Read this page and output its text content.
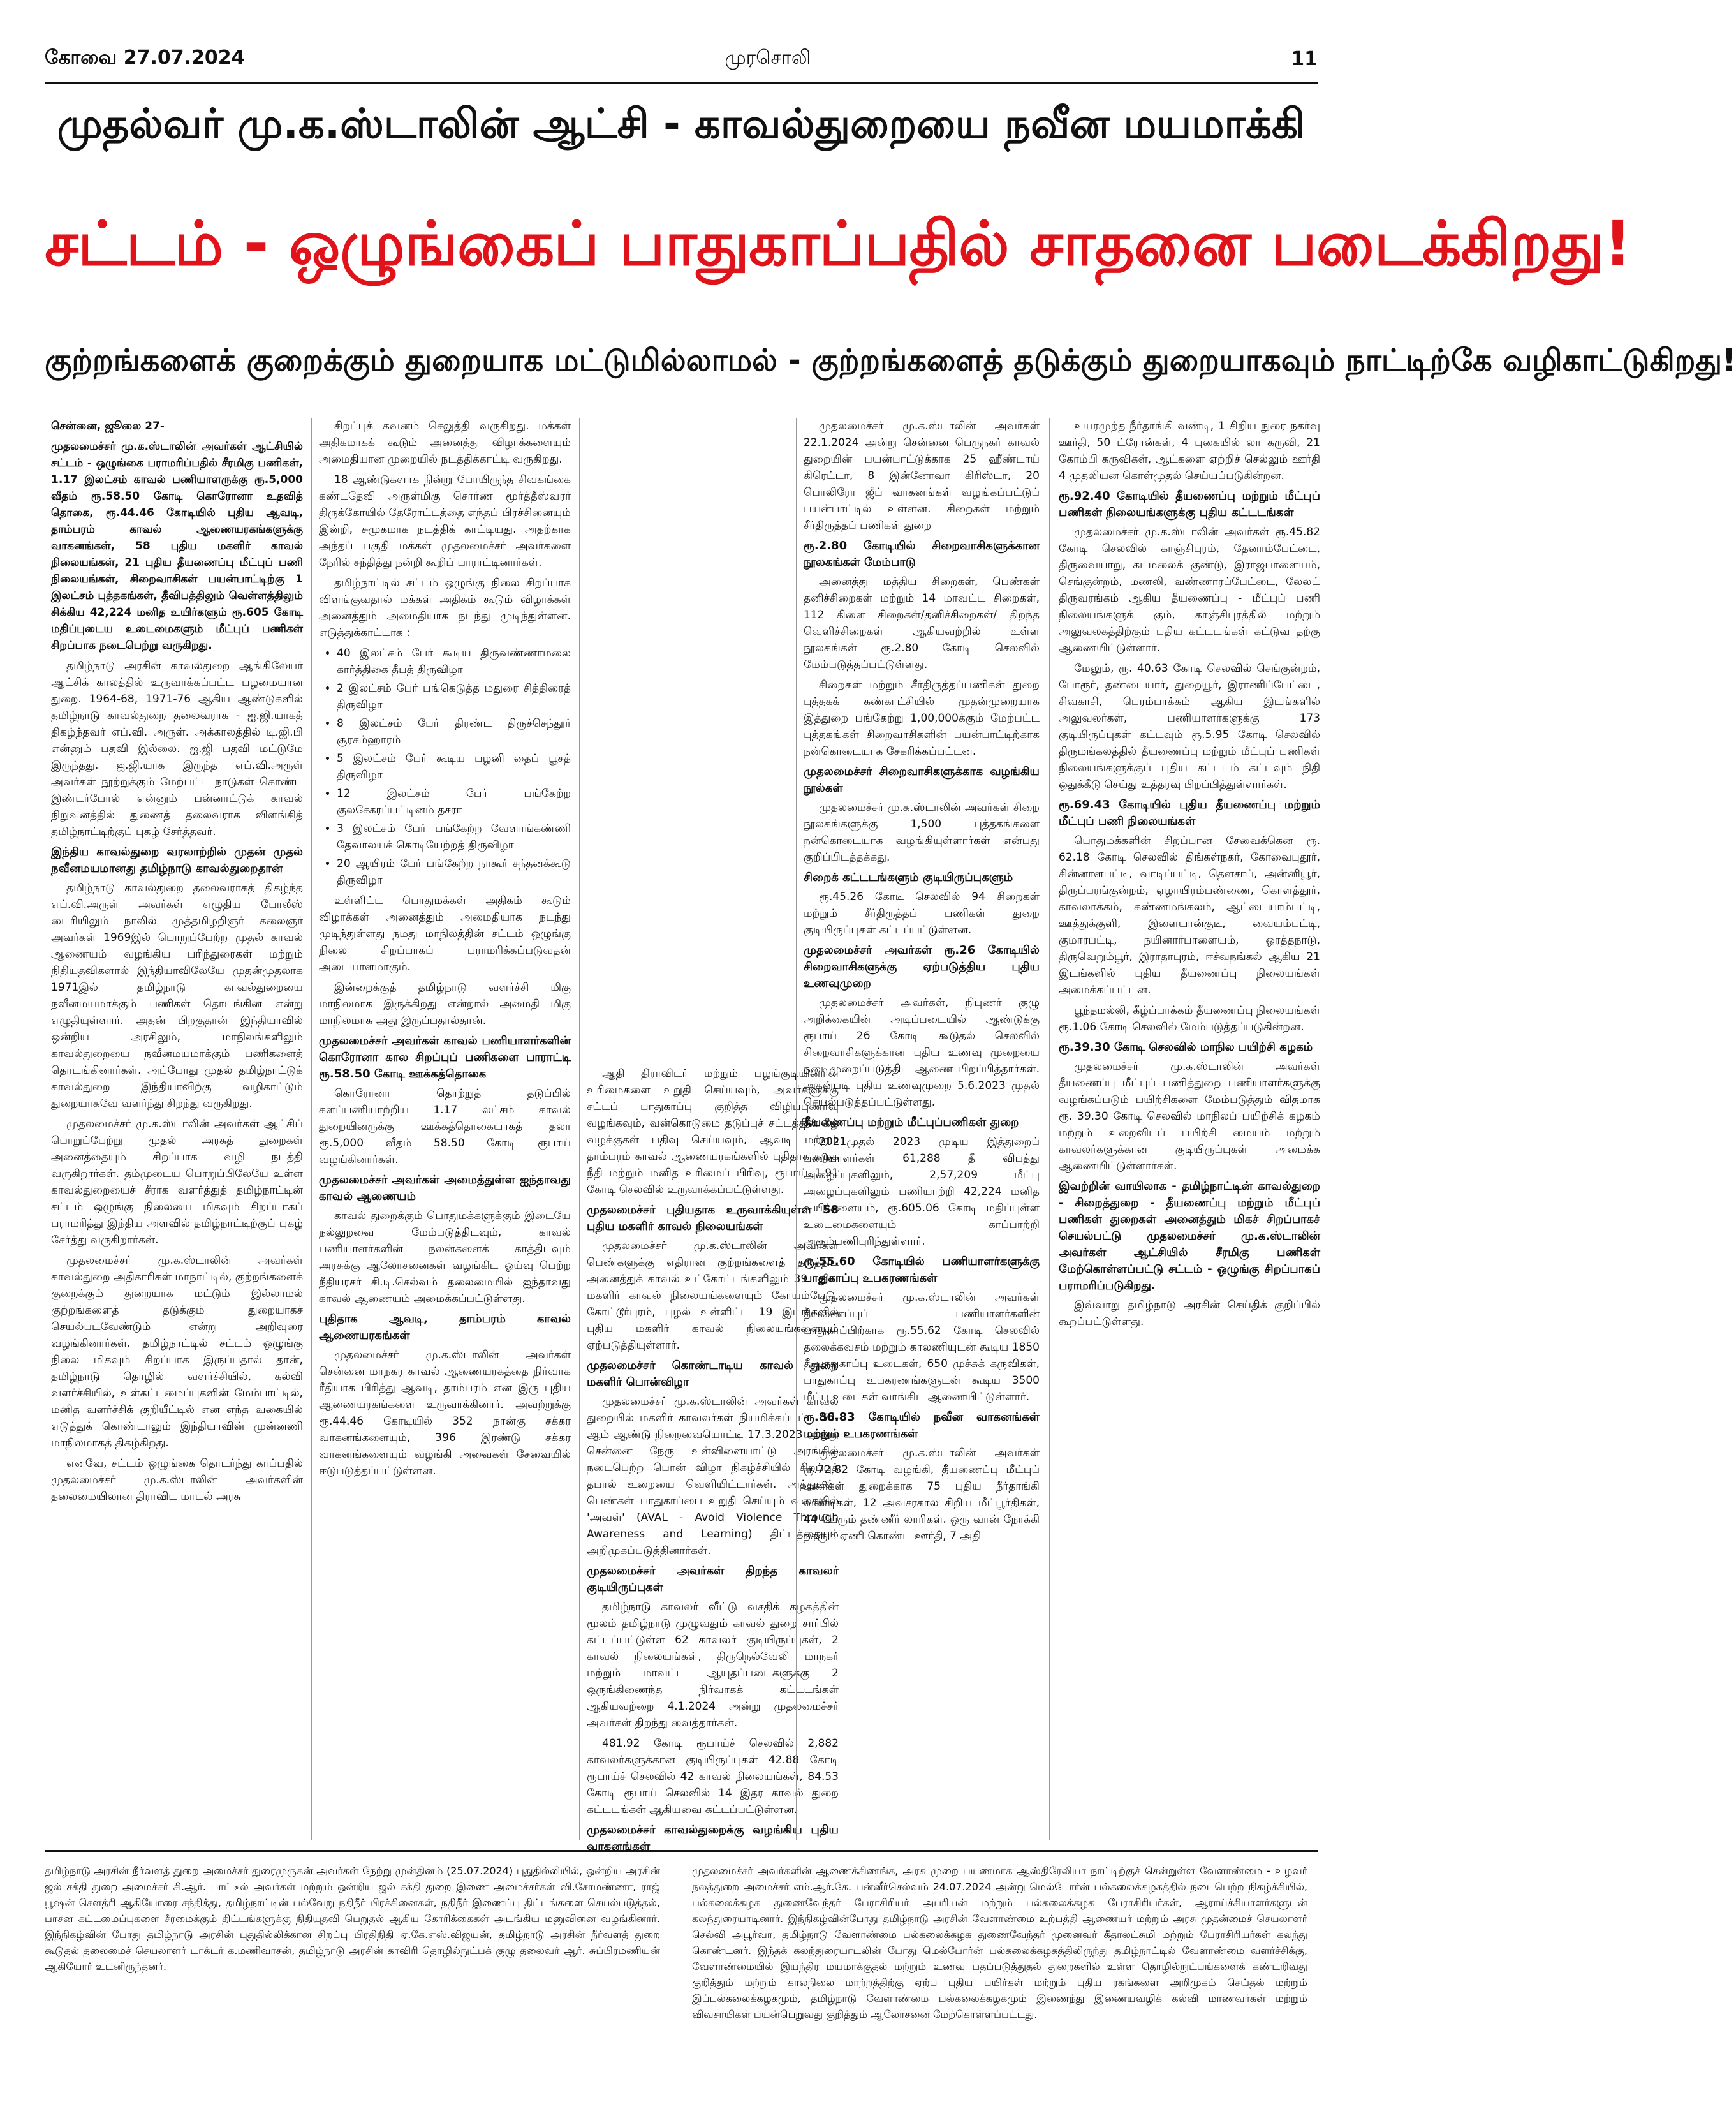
கோவை 27.07.2024	முரசொலி	11
முதல்வர் மு.க.ஸ்டாலின் ஆட்சி - காவல்துறையை நவீன மயமாக்கி
சட்டம் - ஒழுங்கைப் பாதுகாப்பதில் சாதனை படைக்கிறது!
குற்றங்களைக் குறைக்கும் துறையாக மட்டுமில்லாமல் - குற்றங்களைத் தடுக்கும் துறையாகவும் நாட்டிற்கே வழிகாட்டுகிறது!

சென்னை, ஜூலை 27-

முதலமைச்சர் மு.க.ஸ்டாலின் அவர்கள் ஆட்சியில் சட்டம் - ஒழுங்கை பராமரிப்பதில் சீரமிகு பணிகள், 1.17 இலட்சம் காவல் பணியாளருக்கு ரூ.5,000 வீதம் ரூ.58.50 கோடி கொரோனா உதவித் தொகை, ரூ.44.46 கோடியில் புதிய ஆவடி, தாம்பரம் காவல் ஆணையரகங்களுக்கு வாகனங்கள், 58 புதிய மகளிர் காவல் நிலையங்கள், 21 புதிய தீயணைப்பு மீட்புப் பணி நிலையங்கள், சிறைவாசிகள் பயன்பாட்டிற்கு 1 இலட்சம் புத்தகங்கள், தீவிபத்திலும் வெள்ளத்திலும் சிக்கிய 42,224 மனித உயிர்களும் ரூ.605 கோடி மதிப்புடைய உடைமைகளும் மீட்புப் பணிகள் சிறப்பாக நடைபெற்று வருகிறது.

தமிழ்நாடு அரசின் காவல்துறை ஆங்கிலேயர் ஆட்சிக் காலத்தில் உருவாக்கப்பட்ட பழமையான துறை. 1964-68, 1971-76 ஆகிய ஆண்டுகளில் தமிழ்நாடு காவல்துறை தலைவராக - ஐ.ஜி.யாகத் திகழ்ந்தவர் எப்.வி. அருள். அக்காலத்தில் டி.ஜி.பி என்னும் பதவி இல்லை. ஐ.ஜி பதவி மட்டுமே இருந்தது. ஐ.ஜி.யாக இருந்த எப்.வி.அருள் அவர்கள் நூற்றுக்கும் மேற்பட்ட நாடுகள் கொண்ட இண்டர்போல் என்னும் பன்னாட்டுக் காவல் நிறுவனத்தில் துணைத் தலைவராக விளங்கித் தமிழ்நாட்டிற்குப் புகழ் சேர்த்தவர்.

இந்திய காவல்துறை வரலாற்றில் முதன் முதல் நவீனமயமானது தமிழ்நாடு காவல்துறைதான்

தமிழ்நாடு காவல்துறை தலைவராகத் திகழ்ந்த எப்.வி.அருள் அவர்கள் எழுதிய போலீஸ் டைரியிலும் நாலில் முத்தமிழறிஞர் கலைஞர் அவர்கள் 1969இல் பொறுப்பேற்ற முதல் காவல் ஆணையம் வழங்கிய பரிந்துரைகள் மற்றும் நிதியுதவிகளால் இந்தியாவிலேயே முதன்முதலாக 1971இல் தமிழ்நாடு காவல்துறையை நவீனமயமாக்கும் பணிகள் தொடங்கின என்று எழுதியுள்ளார். அதன் பிறகுதான் இந்தியாவில் ஒன்றிய அரசிலும், மாநிலங்களிலும் காவல்துறையை நவீனமயமாக்கும் பணிகளைத் தொடங்கினார்கள். அப்போது முதல் தமிழ்நாட்டுக் காவல்துறை இந்தியாவிற்கு வழிகாட்டும் துறையாகவே வளர்ந்து சிறந்து வருகிறது.

முதலமைச்சர் மு.க.ஸ்டாலின் அவர்கள் ஆட்சிப் பொறுப்பேற்று முதல் அரசுத் துறைகள் அனைத்தையும் சிறப்பாக வழி நடத்தி வருகிறார்கள். தம்முடைய பொறுப்பிலேயே உள்ள காவல்துறையைச் சீராக வளர்த்துத் தமிழ்நாட்டின் சட்டம் ஒழுங்கு நிலையை மிகவும் சிறப்பாகப் பராமரித்து இந்திய அளவில் தமிழ்நாட்டிற்குப் புகழ் சேர்த்து வருகிறார்கள்.

முதலமைச்சர் மு.க.ஸ்டாலின் அவர்கள் காவல்துறை அதிகாரிகள் மாநாட்டில், குற்றங்களைக் குறைக்கும் துறையாக மட்டும் இல்லாமல் குற்றங்களைத் தடுக்கும் துறையாகச் செயல்படவேண்டும் என்று அறிவுரை வழங்கினார்கள். தமிழ்நாட்டில் சட்டம் ஒழுங்கு நிலை மிகவும் சிறப்பாக இருப்பதால் தான், தமிழ்நாடு தொழில் வளர்ச்சியில், கல்வி வளர்ச்சியில், உள்கட்டமைப்புகளின் மேம்பாட்டில், மனித வளர்ச்சிக் குறியீட்டில் என எந்த வகையில் எடுத்துக் கொண்டாலும் இந்தியாவின் முன்னணி மாநிலமாகத் திகழ்கிறது.

எனவே, சட்டம் ஒழுங்கை தொடர்ந்து காப்பதில் முதலமைச்சர் மு.க.ஸ்டாலின் அவர்களின் தலைமையிலான திராவிட மாடல் அரசு

சிறப்புக் கவனம் செலுத்தி வருகிறது. மக்கள் அதிகமாகக் கூடும் அனைத்து விழாக்களையும் அமைதியான முறையில் நடத்திக்காட்டி வருகிறது.

18 ஆண்டுகளாக நின்று போயிருந்த சிவகங்கை கண்டதேவி அருள்மிகு சொர்ண மூர்த்தீஸ்வரர் திருக்கோயில் தேரோட்டத்தை எந்தப் பிரச்சினையும் இன்றி, சுமுகமாக நடத்திக் காட்டியது. அதற்காக அந்தப் பகுதி மக்கள் முதலமைச்சர் அவர்களை நேரில் சந்தித்து நன்றி கூறிப் பாராட்டினார்கள்.

தமிழ்நாட்டில் சட்டம் ஒழுங்கு நிலை சிறப்பாக விளங்குவதால் மக்கள் அதிகம் கூடும் விழாக்கள் அனைத்தும் அமைதியாக நடந்து முடிந்துள்ளன. எடுத்துக்காட்டாக :

• 40 இலட்சம் பேர் கூடிய திருவண்ணாமலை கார்த்திகை தீபத் திருவிழா
• 2 இலட்சம் பேர் பங்கெடுத்த மதுரை சித்திரைத் திருவிழா
• 8 இலட்சம் பேர் திரண்ட திருச்செந்தூர் சூரசம்ஹாரம்
• 5 இலட்சம் பேர் கூடிய பழனி தைப் பூசத் திருவிழா
• 12 இலட்சம் பேர் பங்கேற்ற குலசேகரப்பட்டினம் தசரா
• 3 இலட்சம் பேர் பங்கேற்ற வேளாங்கண்ணி தேவாலயக் கொடியேற்றத் திருவிழா
• 20 ஆயிரம் பேர் பங்கேற்ற நாகூர் சந்தனக்கூடு திருவிழா

உள்ளிட்ட பொதுமக்கள் அதிகம் கூடும் விழாக்கள் அனைத்தும் அமைதியாக நடந்து முடிந்துள்ளது நமது மாநிலத்தின் சட்டம் ஒழுங்கு நிலை சிறப்பாகப் பராமரிக்கப்படுவதன் அடையாளமாகும்.

இன்றைக்குத் தமிழ்நாடு வளர்ச்சி மிகு மாநிலமாக இருக்கிறது என்றால் அமைதி மிகு மாநிலமாக அது இருப்பதால்தான்.

முதலமைச்சர் அவர்கள் காவல் பணியாளர்களின் கொரோனா கால சிறப்புப் பணிகளை பாராட்டி ரூ.58.50 கோடி ஊக்கத்தொகை

கொரோனா தொற்றுத் தடுப்பில் களப்பணியாற்றிய 1.17 லட்சம் காவல் துறையினருக்கு ஊக்கத்தொகையாகத் தலா ரூ.5,000 வீதம் 58.50 கோடி ரூபாய் வழங்கினார்கள்.

முதலமைச்சர் அவர்கள் அமைத்துள்ள ஐந்தாவது காவல் ஆணையம்

காவல் துறைக்கும் பொதுமக்களுக்கும் இடையே நல்லுறவை மேம்படுத்திடவும், காவல் பணியாளர்களின் நலன்களைக் காத்திடவும் அரசுக்கு ஆலோசனைகள் வழங்கிட ஓய்வு பெற்ற நீதியரசர் சி.டி.செல்வம் தலைமையில் ஐந்தாவது காவல் ஆணையம் அமைக்கப்பட்டுள்ளது.

புதிதாக ஆவடி, தாம்பரம் காவல் ஆணையரகங்கள்

முதலமைச்சர் மு.க.ஸ்டாலின் அவர்கள் சென்னை மாநகர காவல் ஆணையரகத்தை நிர்வாக ரீதியாக பிரித்து ஆவடி, தாம்பரம் என இரு புதிய ஆணையரகங்களை உருவாக்கினார். அவற்றுக்கு ரூ.44.46 கோடியில் 352 நான்கு சக்கர வாகனங்களையும், 396 இரண்டு சக்கர வாகனங்களையும் வழங்கி அவைகள் சேவையில் ஈடுபடுத்தப்பட்டுள்ளன.

ஆதி திராவிடர் மற்றும் பழங்குடியினரின் உரிமைகளை உறுதி செய்யவும், அவர்களுக்கு சட்டப் பாதுகாப்பு குறித்த விழிப்புணர்வு வழங்கவும், வன்கொடுமை தடுப்புச் சட்டத்தின் கீழ் வழக்குகள் பதிவு செய்யவும், ஆவடி மற்றும் தாம்பரம் காவல் ஆணையரகங்களில் புதிதாக சமூக நீதி மற்றும் மனித உரிமைப் பிரிவு, ரூபாய் 1.91 கோடி செலவில் உருவாக்கப்பட்டுள்ளது.

முதலமைச்சர் புதியதாக உருவாக்கியுள்ள 58 புதிய மகளிர் காவல் நிலையங்கள்

முதலமைச்சர் மு.க.ஸ்டாலின் அவர்கள் பெண்களுக்கு எதிரான குற்றங்களைத் தடுத்திட அனைத்துக் காவல் உட்கோட்டங்களிலும் 39 புதிய மகளிர் காவல் நிலையங்களையும் கோயம்பேடு, கோட்டூர்புரம், புழல் உள்ளிட்ட 19 இடங்களில் புதிய மகளிர் காவல் நிலையங்களையும் ஏற்படுத்தியுள்ளார்.

முதலமைச்சர் கொண்டாடிய காவல் துறை மகளிர் பொன்விழா

முதலமைச்சர் மு.க.ஸ்டாலின் அவர்கள் காவல் துறையில் மகளிர் காவலர்கள் நியமிக்கப்பட்ட 50-ஆம் ஆண்டு நிறைவையொட்டி 17.3.2023 அன்று சென்னை நேரு உள்விளையாட்டு அரங்கில் நடைபெற்ற பொன் விழா நிகழ்ச்சியில் சிறப்புத் தபால் உறையை வெளியிட்டார்கள். அத்துடன், பெண்கள் பாதுகாப்பை உறுதி செய்யும் வகையில் 'அவள்' (AVAL - Avoid Violence Through Awareness and Learning) திட்டத்தையும் அறிமுகப்படுத்தினார்கள்.

முதலமைச்சர் அவர்கள் திறந்த காவலர் குடியிருப்புகள்

தமிழ்நாடு காவலர் வீட்டு வசதிக் கழகத்தின் மூலம் தமிழ்நாடு முழுவதும் காவல் துறை சார்பில் கட்டப்பட்டுள்ள 62 காவலர் குடியிருப்புகள், 2 காவல் நிலையங்கள், திருநெல்வேலி மாநகர் மற்றும் மாவட்ட ஆயுதப்படைகளுக்கு 2 ஒருங்கிணைந்த நிர்வாகக் கட்டடங்கள் ஆகியவற்றை 4.1.2024 அன்று முதலமைச்சர் அவர்கள் திறந்து வைத்தார்கள்.

481.92 கோடி ரூபாய்ச் செலவில் 2,882 காவலர்களுக்கான குடியிருப்புகள் 42.88 கோடி ரூபாய்ச் செலவில் 42 காவல் நிலையங்கள், 84.53 கோடி ரூபாய் செலவில் 14 இதர காவல் துறை கட்டடங்கள் ஆகியவை கட்டப்பட்டுள்ளன.

முதலமைச்சர் காவல்துறைக்கு வழங்கிய புதிய வாகனங்கள்

முதலமைச்சர் மு.க.ஸ்டாலின் அவர்கள் 22.1.2024 அன்று சென்னை பெருநகர் காவல் துறையின் பயன்பாட்டுக்காக 25 ஹீண்டாய் கிரெட்டா, 8 இன்னோவா கிரிஸ்டா, 20 பொலிரோ ஜீப் வாகனங்கள் வழங்கப்பட்டுப் பயன்பாட்டில் உள்ளன. சிறைகள் மற்றும் சீர்திருத்தப் பணிகள் துறை

ரூ.2.80 கோடியில் சிறைவாசிகளுக்கான நூலகங்கள் மேம்பாடு

அனைத்து மத்திய சிறைகள், பெண்கள் தனிச்சிறைகள் மற்றும் 14 மாவட்ட சிறைகள், 112 கிளை சிறைகள்/தனிச்சிறைகள்/ திறந்த வெளிச்சிறைகள் ஆகியவற்றில் உள்ள நூலகங்கள் ரூ.2.80 கோடி செலவில் மேம்படுத்தப்பட்டுள்ளது.

சிறைகள் மற்றும் சீர்திருத்தப்பணிகள் துறை புத்தகக் கண்காட்சியில் முதன்முறையாக இத்துறை பங்கேற்று 1,00,000க்கும் மேற்பட்ட புத்தகங்கள் சிறைவாசிகளின் பயன்பாட்டிற்காக நன்கொடையாக சேகரிக்கப்பட்டன.

முதலமைச்சர் சிறைவாசிகளுக்காக வழங்கிய நூல்கள்

முதலமைச்சர் மு.க.ஸ்டாலின் அவர்கள் சிறை நூலகங்களுக்கு 1,500 புத்தகங்களை நன்கொடையாக வழங்கியுள்ளார்கள் என்பது குறிப்பிடத்தக்கது.

சிறைக் கட்டடங்களும் குடியிருப்புகளும்

ரூ.45.26 கோடி செலவில் 94 சிறைகள் மற்றும் சீர்திருத்தப் பணிகள் துறை குடியிருப்புகள் கட்டப்பட்டுள்ளன.

முதலமைச்சர் அவர்கள் ரூ.26 கோடியில் சிறைவாசிகளுக்கு ஏற்படுத்திய புதிய உணவுமுறை

முதலமைச்சர் அவர்கள், நிபுணர் குழு அறிக்கையின் அடிப்படையில் ஆண்டுக்கு ரூபாய் 26 கோடி கூடுதல் செலவில் சிறைவாசிகளுக்கான புதிய உணவு முறையை நடைமுறைப்படுத்திட ஆணை பிறப்பித்தார்கள். அதன்படி புதிய உணவுமுறை 5.6.2023 முதல் செயல்படுத்தப்பட்டுள்ளது.

தீயணைப்பு மற்றும் மீட்புப்பணிகள் துறை

2021முதல் 2023 முடிய இத்துறைப் பணியாளர்கள் 61,288 தீ விபத்து அழைப்புகளிலும், 2,57,209 மீட்பு அழைப்புகளிலும் பணியாற்றி 42,224 மனித உயிர்களையும், ரூ.605.06 கோடி மதிப்புள்ள உடைமைகளையும் காப்பாற்றி அரும்பணிபுரிந்துள்ளார்.

ரூ.55.60 கோடியில் பணியாளர்களுக்கு பாதுகாப்பு உபகரணங்கள்

முதலமைச்சர் மு.க.ஸ்டாலின் அவர்கள் தீயணைப்புப் பணியாளர்களின் பாதுகாப்பிற்காக ரூ.55.62 கோடி செலவில் தலைக்கவசம் மற்றும் காலணியுடன் கூடிய 1850 தீ பாதுகாப்பு உடைகள், 650 முச்சுக் கருவிகள், பாதுகாப்பு உபகரணங்களுடன் கூடிய 3500 மீட்பு உடைகள் வாங்கிட ஆணையிட்டுள்ளார்.

ரூ.86.83 கோடியில் நவீன வாகனங்கள் மற்றும் உபகரணங்கள்

முதலமைச்சர் மு.க.ஸ்டாலின் அவர்கள் ரூ.72.82 கோடி வழங்கி, தீயணைப்பு மீட்புப் பணிகள் துறைக்காக 75 புதிய நீர்தாங்கி வண்டிகள், 12 அவசரகால சிறிய மீட்பூர்திகள், 44 பெரும் தண்ணீர் லாரிகள். ஒரு வான் நோக்கி நகரும் ஏணி கொண்ட ஊர்தி, 7 அதி

உயரமுற்த நீர்தாங்கி வண்டி, 1 சிறிய நுரை நகர்வு ஊர்தி, 50 ட்ரோன்கள், 4 புகையில் லா கருவி, 21 கோம்பி கருவிகள், ஆட்களை ஏற்றிச் செல்லும் ஊர்தி 4 முதலியன கொள்முதல் செய்யப்படுகின்றன.

ரூ.92.40 கோடியில் தீயணைப்பு மற்றும் மீட்புப் பணிகள் நிலையங்களுக்கு புதிய கட்டடங்கள்

முதலமைச்சர் மு.க.ஸ்டாலின் அவர்கள் ரூ.45.82 கோடி செலவில் காஞ்சிபுரம், தேனாம்பேட்டை, திருவையாறு, கடமலைக் குண்டு, இராஜபாளையம், செங்குன்றம், மணலி, வண்ணாரப்பேட்டை, லேலட் திருவரங்கம் ஆகிய தீயணைப்பு - மீட்புப் பணி நிலையங்களுக் கும், காஞ்சிபுரத்தில் மற்றும் அலுவலகத்திற்கும் புதிய கட்டடங்கள் கட்டுவ தற்கு ஆணையிட்டுள்ளார்.

மேலும், ரூ. 40.63 கோடி செலவில் செங்குன்றம், போரூர், தண்டையார், துறையூர், இராணிப்பேட்டை, சிவகாசி, பெரம்பாக்கம் ஆகிய இடங்களில் அலுவலர்கள், பணியாளர்களுக்கு 173 குடியிருப்புகள் கட்டவும் ரூ.5.95 கோடி செலவில் திருமங்கலத்தில் தீயணைப்பு மற்றும் மீட்புப் பணிகள் நிலையங்களுக்குப் புதிய கட்டடம் கட்டவும் நிதி ஒதுக்கீடு செய்து உத்தரவு பிறப்பித்துள்ளார்கள்.

ரூ.69.43 கோடியில் புதிய தீயணைப்பு மற்றும் மீட்புப் பணி நிலையங்கள்

பொதுமக்களின் சிறப்பான சேவைக்கென ரூ. 62.18 கோடி செலவில் திங்கள்நகர், கோவைபுதூர், சின்னாளபட்டி, வாடிப்பட்டி, தௌசாப், அன்னியூர், திருப்பரங்குன்றம், ஏழாயிரம்பண்ணை, கொளத்தூர், காவலாக்கம், கண்ணமங்கலம், ஆட்டையாம்பட்டி, ஊத்துக்குளி, இளையான்குடி, வையம்பட்டி, குமாரபட்டி, நயினார்பாளையம், ஒரத்தநாடு, திருவெறும்பூர், இராதாபுரம், ஈச்வநங்கல் ஆகிய 21 இடங்களில் புதிய தீயணைப்பு நிலையங்கள் அமைக்கப்பட்டன.

பூந்தமல்லி, கீழ்ப்பாக்கம் தீயணைப்பு நிலையங்கள் ரூ.1.06 கோடி செலவில் மேம்படுத்தப்படுகின்றன.

ரூ.39.30 கோடி செலவில் மாநில பயிற்சி கழகம்

முதலமைச்சர் மு.க.ஸ்டாலின் அவர்கள் தீயணைப்பு மீட்புப் பணித்துறை பணியாளர்களுக்கு வழங்கப்படும் பயிற்சிகளை மேம்படுத்தும் விதமாக ரூ. 39.30 கோடி செலவில் மாநிலப் பயிற்சிக் கழகம் மற்றும் உறைவிடப் பயிற்சி மையம் மற்றும் காவலர்களுக்கான குடியிருப்புகள் அமைக்க ஆணையிட்டுள்ளார்கள்.

இவற்றின் வாயிலாக - தமிழ்நாட்டின் காவல்துறை - சிறைத்துறை - தீயணைப்பு மற்றும் மீட்புப் பணிகள் துறைகள் அனைத்தும் மிகச் சிறப்பாகச் செயல்பட்டு முதலமைச்சர் மு.க.ஸ்டாலின் அவர்கள் ஆட்சியில் சீரமிகு பணிகள் மேற்கொள்ளப்பட்டு சட்டம் - ஒழுங்கு சிறப்பாகப் பராமரிப்படுகிறது.

இவ்வாறு தமிழ்நாடு அரசின் செய்திக் குறிப்பில் கூறப்பட்டுள்ளது.

தமிழ்நாடு அரசின் நீர்வளத் துறை அமைச்சர் துரைமுருகன் அவர்கள் நேற்று முன்தினம் (25.07.2024) புதுதில்லியில், ஒன்றிய அரசின் ஜல் சக்தி துறை அமைச்சர் சி.ஆர். பாட்டீல் அவர்கள் மற்றும் ஒன்றிய ஜல் சக்தி துறை இணை அமைச்சர்கள் வி.சோமண்ணா, ராஜ் பூஷன் சௌத்ரி ஆகியோரை சந்தித்து, தமிழ்நாட்டின் பல்வேறு நதிநீர் பிரச்சினைகள், நதிநீர் இணைப்பு திட்டங்களை செயல்படுத்தல், பாசன கட்டமைப்புகளை சீரமைக்கும் திட்டங்களுக்கு நிதியுதவி பெறுதல் ஆகிய கோரிக்கைகள் அடங்கிய மனுவினை வழங்கினார். இந்நிகழ்வின் போது தமிழ்நாடு அரசின் புதுதில்லிக்கான சிறப்பு பிரதிநிதி ஏ.கே.எஸ்.விஜயன், தமிழ்நாடு அரசின் நீர்வளத் துறை கூடுதல் தலைமைச் செயலாளர் டாக்டர் க.மணிவாசன், தமிழ்நாடு அரசின் காவிரி தொழில்நுட்பக் குழு தலைவர் ஆர். சுப்பிரமணியன் ஆகியோர் உடனிருந்தனர்.
முதலமைச்சர் அவர்களின் ஆணைக்கிணங்க, அரசு முறை பயணமாக ஆஸ்திரேலியா நாட்டிற்குச் சென்றுள்ள வேளாண்மை - உழவர் நலத்துறை அமைச்சர் எம்.ஆர்.கே. பன்னீர்செல்வம் 24.07.2024 அன்று மெல்போர்ன் பல்கலைக்கழகத்தில் நடைபெற்ற நிகழ்ச்சியில், பல்கலைக்கழக துணைவேந்தர் பேராசிரியர் அபரியன் மற்றும் பல்கலைக்கழக பேராசிரியர்கள், ஆராய்ச்சியாளர்களுடன் கலந்துரையாடினார். இந்நிகழ்வின்போது தமிழ்நாடு அரசின் வேளாண்மை உற்பத்தி ஆணையர் மற்றும் அரசு முதன்மைச் செயலாளர் செல்வி அபூர்வா, தமிழ்நாடு வேளாண்மை பல்கலைக்கழக துணைவேந்தர் முனைவர் கீதாலட்சுமி மற்றும் பேராசிரியர்கள் கலந்து கொண்டனர். இந்தக் கலந்துரையாடலின் போது மெல்போர்ன் பல்கலைக்கழகத்திலிருந்து தமிழ்நாட்டில் வேளாண்மை வளர்ச்சிக்கு, வேளாண்மையில் இயந்திர மயமாக்குதல் மற்றும் உணவு பதப்படுத்துதல் துறைகளில் உள்ள தொழில்நுட்பங்களைக் கண்டறிவது குறித்தும் மற்றும் காலநிலை மாற்றத்திற்கு ஏற்ப புதிய பயிர்கள் மற்றும் புதிய ரகங்களை அறிமுகம் செய்தல் மற்றும் இப்பல்கலைக்கழகமும், தமிழ்நாடு வேளாண்மை பல்கலைக்கழகமும் இணைந்து இணையவழிக் கல்வி மாணவர்கள் மற்றும் விவசாயிகள் பயன்பெறுவது குறித்தும் ஆலோசனை மேற்கொள்ளப்பட்டது.
